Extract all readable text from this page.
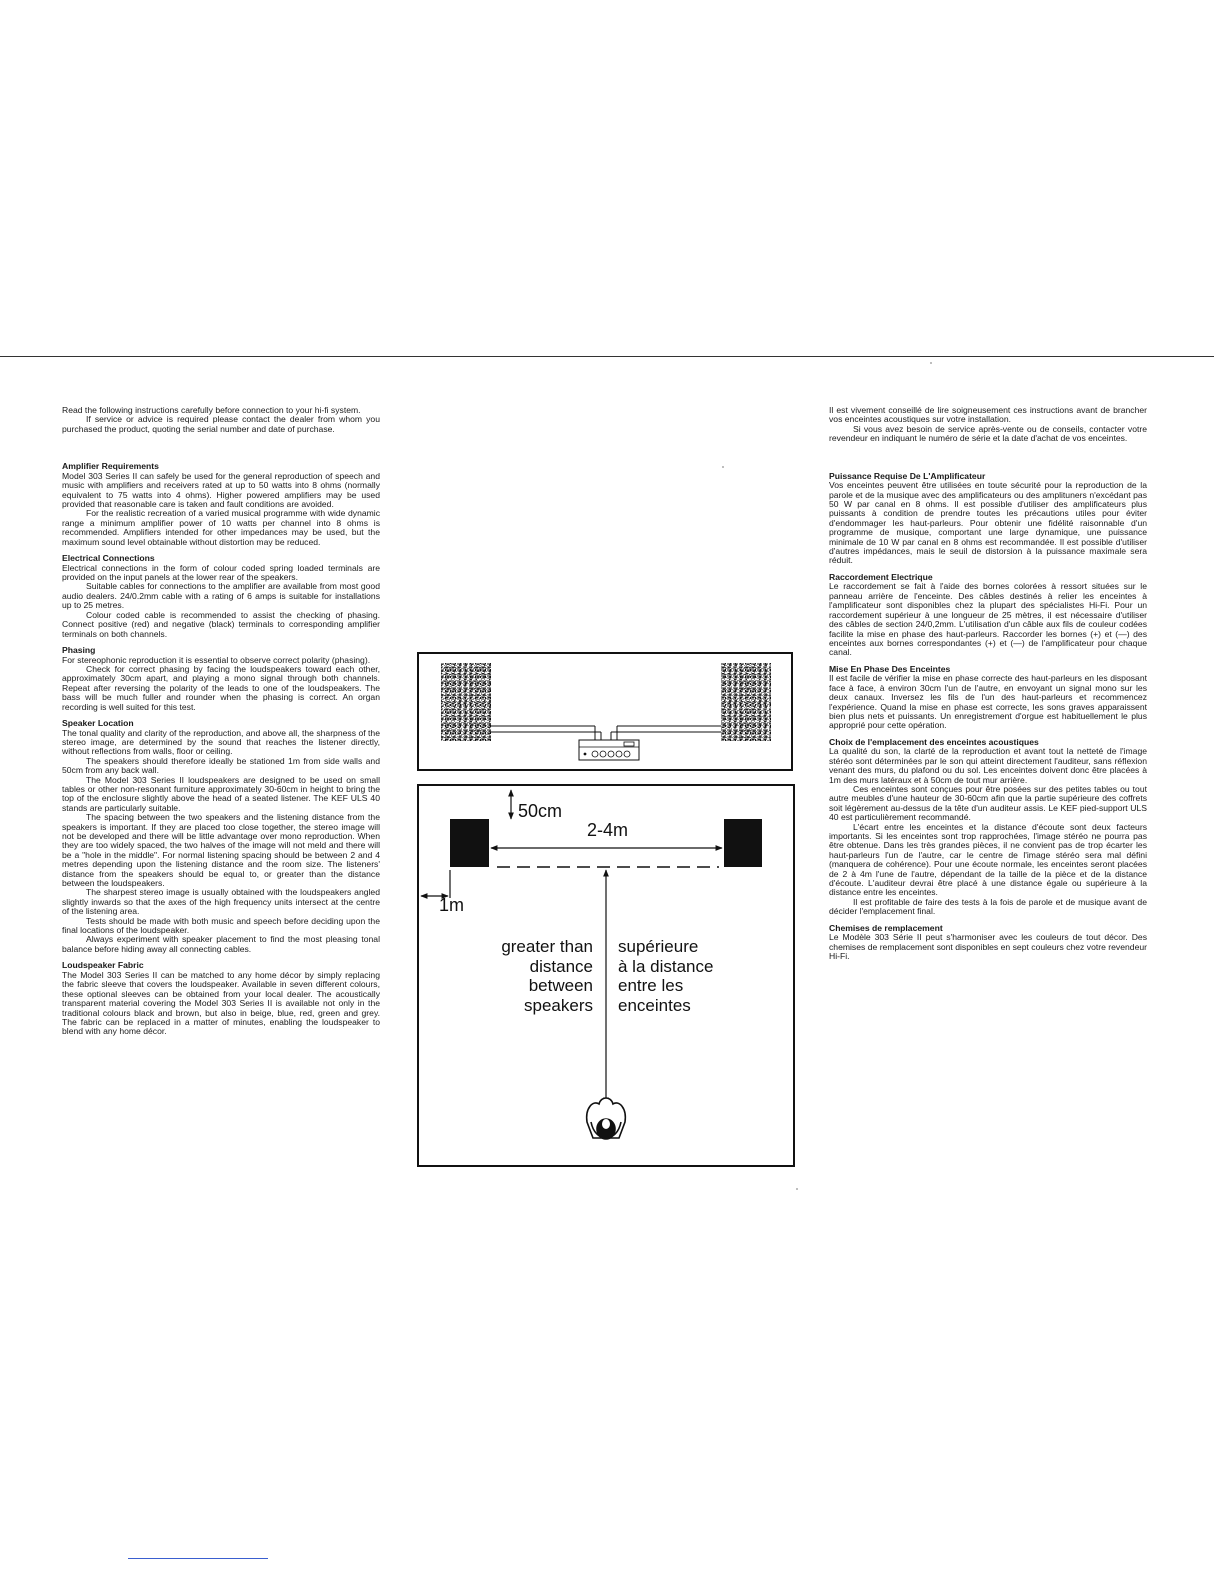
Read the following instructions carefully before connection to your hi-fi system.

If service or advice is required please contact the dealer from whom you purchased the product, quoting the serial number and date of purchase.

Amplifier Requirements

Model 303 Series II can safely be used for the general reproduction of speech and music with amplifiers and receivers rated at up to 50 watts into 8 ohms (normally equivalent to 75 watts into 4 ohms). Higher powered amplifiers may be used provided that reasonable care is taken and fault conditions are avoided.

For the realistic recreation of a varied musical programme with wide dynamic range a minimum amplifier power of 10 watts per channel into 8 ohms is recommended. Amplifiers intended for other impedances may be used, but the maximum sound level obtainable without distortion may be reduced.

Electrical Connections

Electrical connections in the form of colour coded spring loaded terminals are provided on the input panels at the lower rear of the speakers.

Suitable cables for connections to the amplifier are available from most good audio dealers. 24/0.2mm cable with a rating of 6 amps is suitable for installations up to 25 metres.

Colour coded cable is recommended to assist the checking of phasing. Connect positive (red) and negative (black) terminals to corresponding amplifier terminals on both channels.

Phasing

For stereophonic reproduction it is essential to observe correct polarity (phasing).

Check for correct phasing by facing the loudspeakers toward each other, approximately 30cm apart, and playing a mono signal through both channels. Repeat after reversing the polarity of the leads to one of the loudspeakers. The bass will be much fuller and rounder when the phasing is correct. An organ recording is well suited for this test.

Speaker Location

The tonal quality and clarity of the reproduction, and above all, the sharpness of the stereo image, are determined by the sound that reaches the listener directly, without reflections from walls, floor or ceiling.

The speakers should therefore ideally be stationed 1m from side walls and 50cm from any back wall.

The Model 303 Series II loudspeakers are designed to be used on small tables or other non-resonant furniture approximately 30-60cm in height to bring the top of the enclosure slightly above the head of a seated listener. The KEF ULS 40 stands are particularly suitable.

The spacing between the two speakers and the listening distance from the speakers is important. If they are placed too close together, the stereo image will not be developed and there will be little advantage over mono reproduction. When they are too widely spaced, the two halves of the image will not meld and there will be a "hole in the middle". For normal listening spacing should be between 2 and 4 metres depending upon the listening distance and the room size. The listeners' distance from the speakers should be equal to, or greater than the distance between the loudspeakers.

The sharpest stereo image is usually obtained with the loudspeakers angled slightly inwards so that the axes of the high frequency units intersect at the centre of the listening area.

Tests should be made with both music and speech before deciding upon the final locations of the loudspeaker.

Always experiment with speaker placement to find the most pleasing tonal balance before hiding away all connecting cables.

Loudspeaker Fabric

The Model 303 Series II can be matched to any home décor by simply replacing the fabric sleeve that covers the loudspeaker. Available in seven different colours, these optional sleeves can be obtained from your local dealer. The acoustically transparent material covering the Model 303 Series II is available not only in the traditional colours black and brown, but also in beige, blue, red, green and grey. The fabric can be replaced in a matter of minutes, enabling the loudspeaker to blend with any home décor.

Il est vivement conseillé de lire soigneusement ces instructions avant de brancher vos enceintes acoustiques sur votre installation.

Si vous avez besoin de service après-vente ou de conseils, contacter votre revendeur en indiquant le numéro de série et la date d'achat de vos enceintes.

Puissance Requise De L'Amplificateur

Vos enceintes peuvent être utilisées en toute sécurité pour la reproduction de la parole et de la musique avec des amplificateurs ou des amplituners n'excédant pas 50 W par canal en 8 ohms. Il est possible d'utiliser des amplificateurs plus puissants à condition de prendre toutes les précautions utiles pour éviter d'endommager les haut-parleurs. Pour obtenir une fidélité raisonnable d'un programme de musique, comportant une large dynamique, une puissance minimale de 10 W par canal en 8 ohms est recommandée. Il est possible d'utiliser d'autres impédances, mais le seuil de distorsion à la puissance maximale sera réduit.

Raccordement Electrique

Le raccordement se fait à l'aide des bornes colorées à ressort situées sur le panneau arrière de l'enceinte. Des câbles destinés à relier les enceintes à l'amplificateur sont disponibles chez la plupart des spécialistes Hi-Fi. Pour un raccordement supérieur à une longueur de 25 mètres, il est nécessaire d'utiliser des câbles de section 24/0,2mm. L'utilisation d'un câble aux fils de couleur codées facilite la mise en phase des haut-parleurs. Raccorder les bornes (+) et (—) des enceintes aux bornes correspondantes (+) et (—) de l'amplificateur pour chaque canal.

Mise En Phase Des Enceintes

Il est facile de vérifier la mise en phase correcte des haut-parleurs en les disposant face à face, à environ 30cm l'un de l'autre, en envoyant un signal mono sur les deux canaux. Inversez les fils de l'un des haut-parleurs et recommencez l'expérience. Quand la mise en phase est correcte, les sons graves apparaissent bien plus nets et puissants. Un enregistrement d'orgue est habituellement le plus approprié pour cette opération.

Choix de l'emplacement des enceintes acoustiques

La qualité du son, la clarté de la reproduction et avant tout la netteté de l'image stéréo sont déterminées par le son qui atteint directement l'auditeur, sans réflexion venant des murs, du plafond ou du sol. Les enceintes doivent donc être placées à 1m des murs latéraux et à 50cm de tout mur arrière.

Ces enceintes sont conçues pour être posées sur des petites tables ou tout autre meubles d'une hauteur de 30-60cm afin que la partie supérieure des coffrets soit légèrement au-dessus de la tête d'un auditeur assis. Le KEF pied-support ULS 40 est particulièrement recommandé.

L'écart entre les enceintes et la distance d'écoute sont deux facteurs importants. Si les enceintes sont trop rapprochées, l'image stéréo ne pourra pas être obtenue. Dans les très grandes pièces, il ne convient pas de trop écarter les haut-parleurs l'un de l'autre, car le centre de l'image stéréo sera mal défini (manquera de cohérence). Pour une écoute normale, les enceintes seront placées de 2 à 4m l'une de l'autre, dépendant de la taille de la pièce et de la distance d'écoute. L'auditeur devrai être placé à une distance égale ou supérieure à la distance entre les enceintes.

Il est profitable de faire des tests à la fois de parole et de musique avant de décider l'emplacement final.

Chemises de remplacement

Le Modèle 303 Série II peut s'harmoniser avec les couleurs de tout décor. Des chemises de remplacement sont disponibles en sept couleurs chez votre revendeur Hi-Fi.

50cm
2-4m
1m
greater than
distance
between
speakers
supérieure
à la distance
entre les
enceintes
